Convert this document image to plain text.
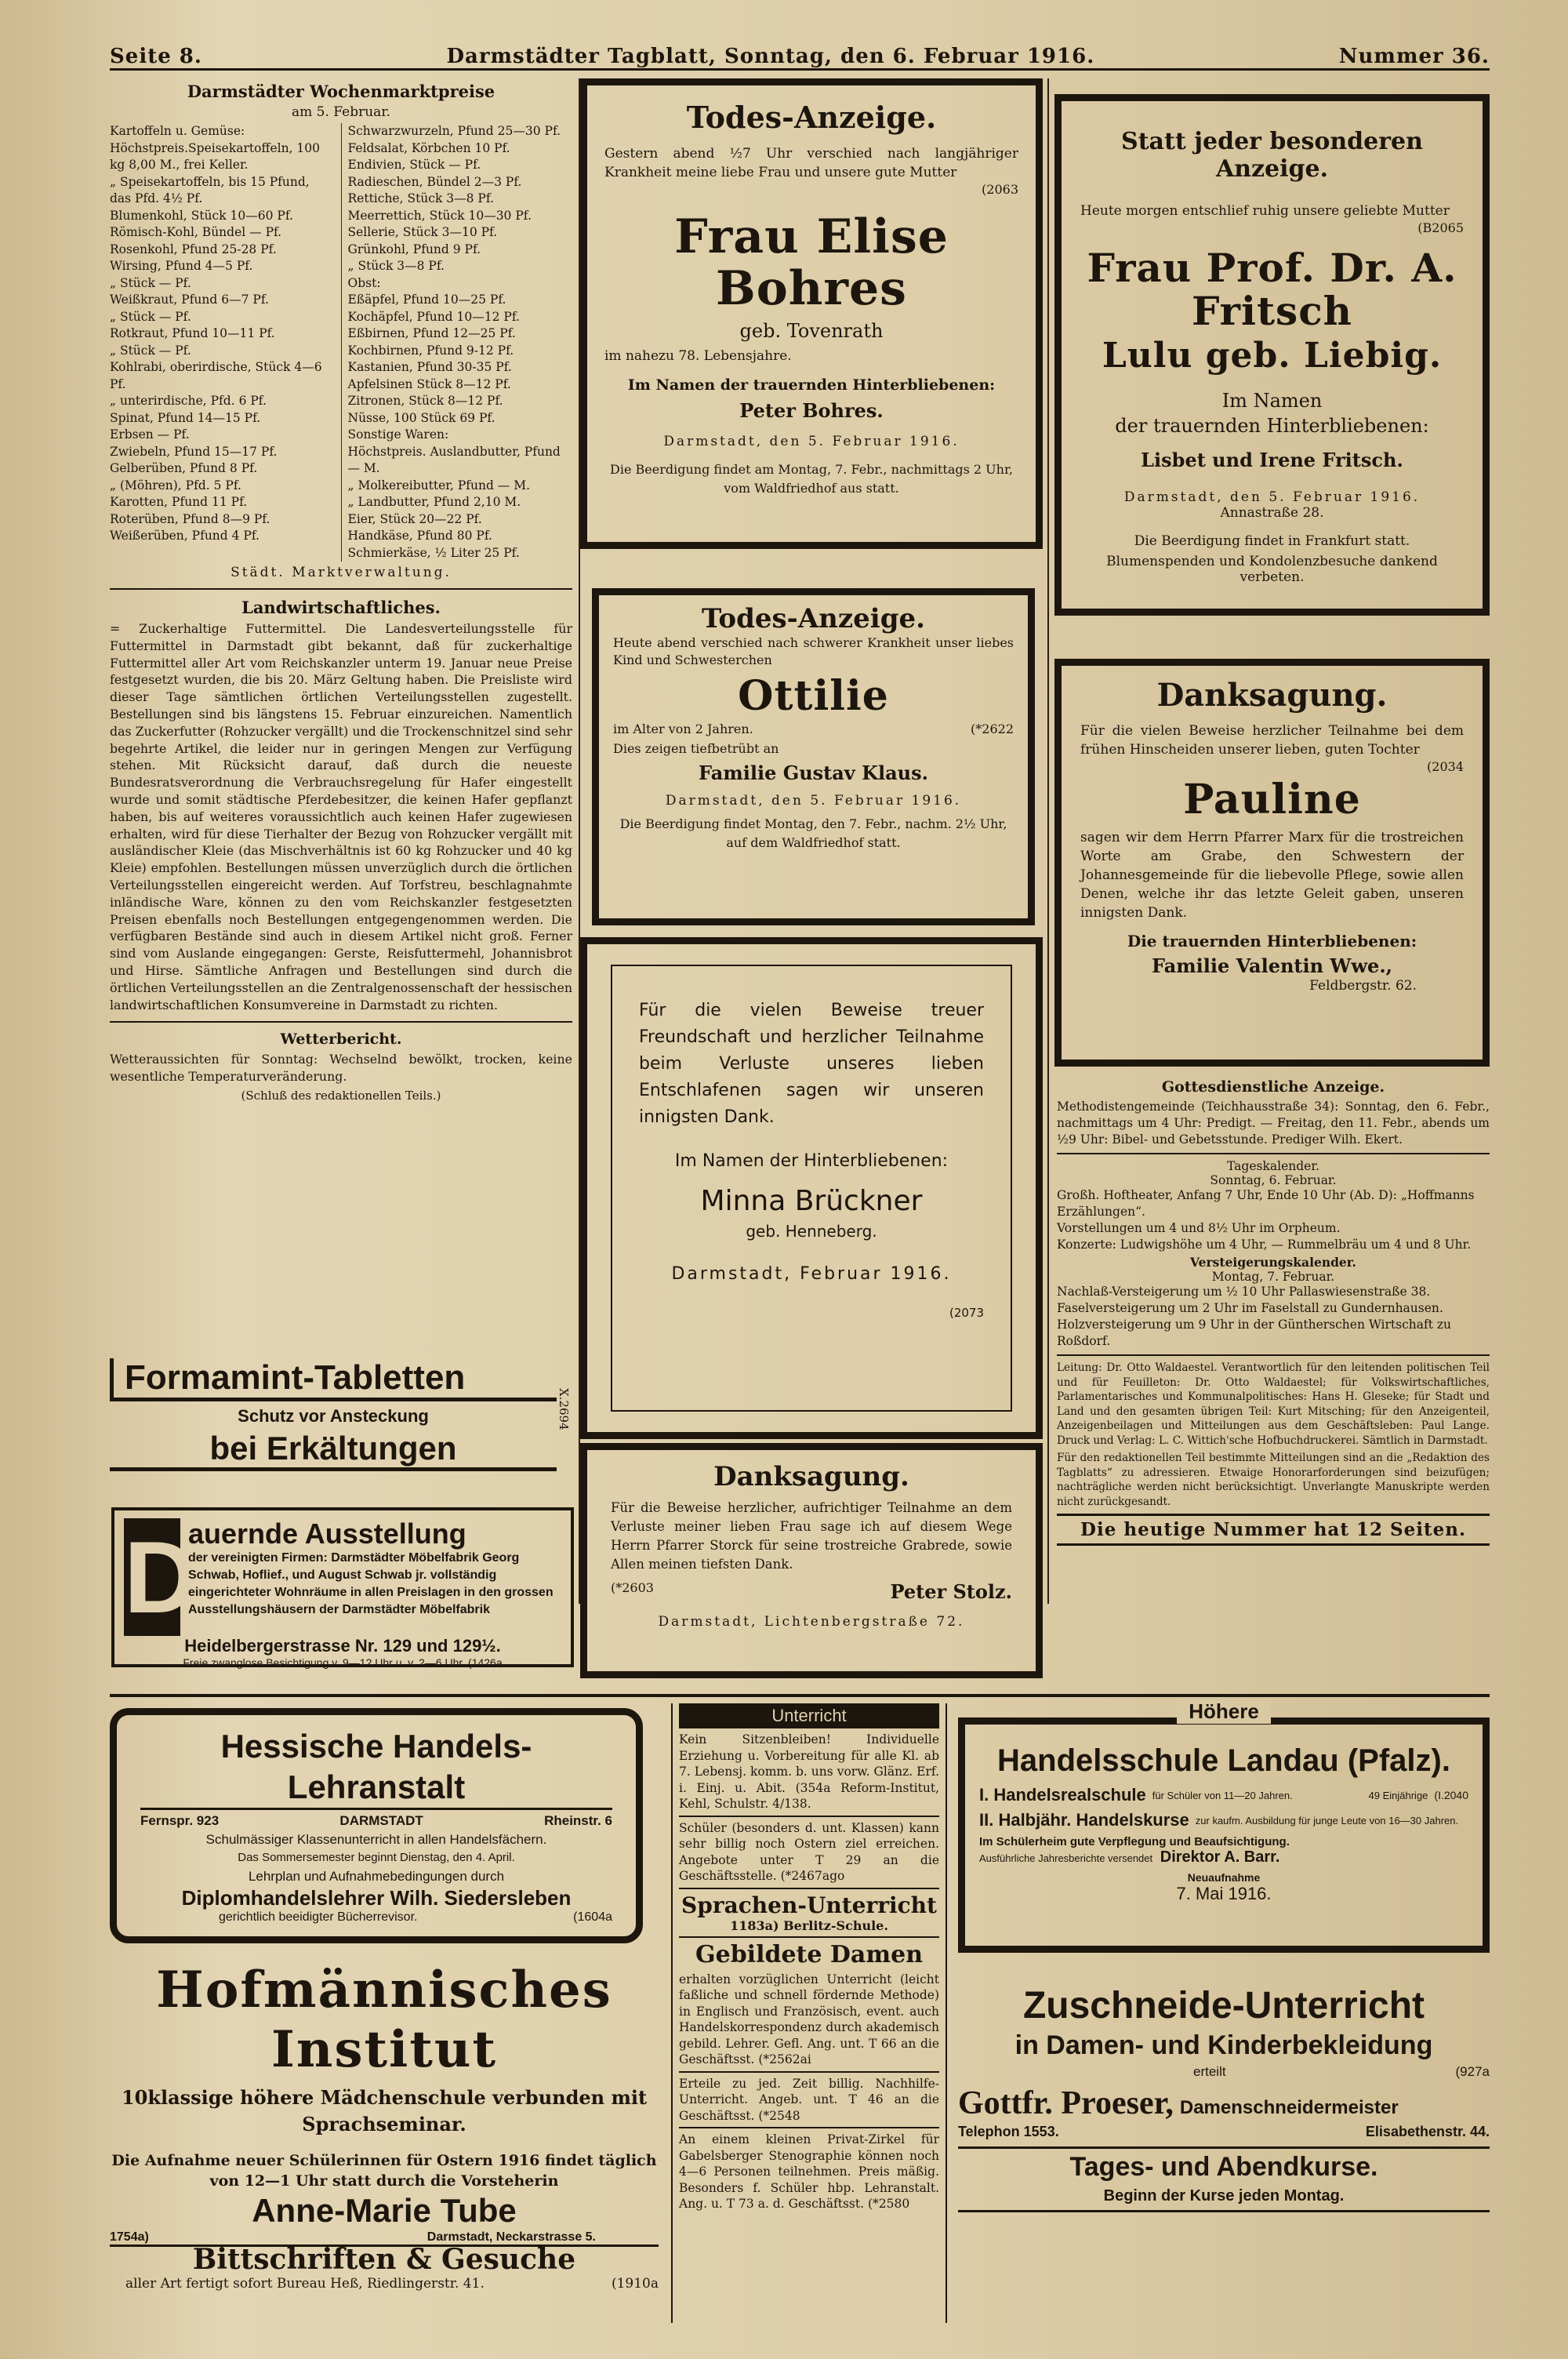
Seite 8.	Darmstädter Tagblatt, Sonntag, den 6. Februar 1916.	Nummer 36.
Darmstädter Wochenmarktpreise
am 5. Februar.
Kartoffeln u. Gemüse:
Höchstpreis.Speisekartoffeln, 100 kg 8,00 M., frei Keller.
„ Speisekartoffeln, bis 15 Pfund, das Pfd. 4½ Pf.
Blumenkohl, Stück 10—60 Pf.
Römisch-Kohl, Bündel — Pf.
Rosenkohl, Pfund 25-28 Pf.
Wirsing, Pfund 4—5 Pf.
„ Stück — Pf.
Weißkraut, Pfund 6—7 Pf.
„ Stück — Pf.
Rotkraut, Pfund 10—11 Pf.
„ Stück — Pf.
Kohlrabi, oberirdische, Stück 4—6 Pf.
„ unterirdische, Pfd. 6 Pf.
Spinat, Pfund 14—15 Pf.
Erbsen — Pf.
Zwiebeln, Pfund 15—17 Pf.
Gelberüben, Pfund 8 Pf.
„ (Möhren), Pfd. 5 Pf.
Karotten, Pfund 11 Pf.
Roterüben, Pfund 8—9 Pf.
Weißerüben, Pfund 4 Pf.
Schwarzwurzeln, Pfund 25—30 Pf.
Feldsalat, Körbchen 10 Pf.
Endivien, Stück — Pf.
Radieschen, Bündel 2—3 Pf.
Rettiche, Stück 3—8 Pf.
Meerrettich, Stück 10—30 Pf.
Sellerie, Stück 3—10 Pf.
Grünkohl, Pfund 9 Pf.
„ Stück 3—8 Pf.
Obst:
Eßäpfel, Pfund 10—25 Pf.
Kochäpfel, Pfund 10—12 Pf.
Eßbirnen, Pfund 12—25 Pf.
Kochbirnen, Pfund 9-12 Pf.
Kastanien, Pfund 30-35 Pf.
Apfelsinen Stück 8—12 Pf.
Zitronen, Stück 8—12 Pf.
Nüsse, 100 Stück 69 Pf.
Sonstige Waren:
Höchstpreis. Auslandbutter, Pfund — M.
„ Molkereibutter, Pfund — M.
„ Landbutter, Pfund 2,10 M.
Eier, Stück 20—22 Pf.
Handkäse, Pfund 80 Pf.
Schmierkäse, ½ Liter 25 Pf.
Städt. Marktverwaltung.
Landwirtschaftliches.
= Zuckerhaltige Futtermittel. Die Landesverteilungsstelle für Futtermittel in Darmstadt gibt bekannt, daß für zuckerhaltige Futtermittel aller Art vom Reichskanzler unterm 19. Januar neue Preise festgesetzt wurden, die bis 20. März Geltung haben. Die Preisliste wird dieser Tage sämtlichen örtlichen Verteilungsstellen zugestellt. Bestellungen sind bis längstens 15. Februar einzureichen. Namentlich das Zuckerfutter (Rohzucker vergällt) und die Trockenschnitzel sind sehr begehrte Artikel, die leider nur in geringen Mengen zur Verfügung stehen. Mit Rücksicht darauf, daß durch die neueste Bundesratsverordnung die Verbrauchsregelung für Hafer eingestellt wurde und somit städtische Pferdebesitzer, die keinen Hafer gepflanzt haben, bis auf weiteres voraussichtlich auch keinen Hafer zugewiesen erhalten, wird für diese Tierhalter der Bezug von Rohzucker vergällt mit ausländischer Kleie (das Mischverhältnis ist 60 kg Rohzucker und 40 kg Kleie) empfohlen. Bestellungen müssen unverzüglich durch die örtlichen Verteilungsstellen eingereicht werden. Auf Torfstreu, beschlagnahmte inländische Ware, können zu den vom Reichskanzler festgesetzten Preisen ebenfalls noch Bestellungen entgegengenommen werden. Die verfügbaren Bestände sind auch in diesem Artikel nicht groß. Ferner sind vom Auslande eingegangen: Gerste, Reisfuttermehl, Johannisbrot und Hirse. Sämtliche Anfragen und Bestellungen sind durch die örtlichen Verteilungsstellen an die Zentralgenossenschaft der hessischen landwirtschaftlichen Konsumvereine in Darmstadt zu richten.
Wetterbericht.
Wetteraussichten für Sonntag: Wechselnd bewölkt, trocken, keine wesentliche Temperaturveränderung.
(Schluß des redaktionellen Teils.)
Formamint-Tabletten
Schutz vor Ansteckung
bei Erkältungen
X.2694
D
auernde Ausstellung
der vereinigten Firmen: Darmstädter Möbelfabrik Georg Schwab, Hoflief., und August Schwab jr. vollständig eingerichteter Wohnräume in allen Preislagen in den grossen Ausstellungshäusern der Darmstädter Möbelfabrik
Heidelbergerstrasse Nr. 129 und 129½.
Freie zwanglose Besichtigung v. 9—12 Uhr u. v. 2—6 Uhr. (1426a
Todes-Anzeige.
Gestern abend ½7 Uhr verschied nach langjähriger Krankheit meine liebe Frau und unsere gute Mutter
(2063
Frau Elise Bohres
geb. Tovenrath
im nahezu 78. Lebensjahre.
Im Namen der trauernden Hinterbliebenen:
Peter Bohres.
Darmstadt, den 5. Februar 1916.
Die Beerdigung findet am Montag, 7. Febr., nachmittags 2 Uhr, vom Waldfriedhof aus statt.
Todes-Anzeige.
Heute abend verschied nach schwerer Krankheit unser liebes Kind und Schwesterchen
Ottilie
im Alter von 2 Jahren.	(*2622
Dies zeigen tiefbetrübt an
Familie Gustav Klaus.
Darmstadt, den 5. Februar 1916.
Die Beerdigung findet Montag, den 7. Febr., nachm. 2½ Uhr, auf dem Waldfriedhof statt.
Für die vielen Beweise treuer Freundschaft und herzlicher Teilnahme beim Verluste unseres lieben Entschlafenen sagen wir unseren innigsten Dank.
Im Namen der Hinterbliebenen:
Minna Brückner
geb. Henneberg.
Darmstadt, Februar 1916.
(2073
Danksagung.
Für die Beweise herzlicher, aufrichtiger Teilnahme an dem Verluste meiner lieben Frau sage ich auf diesem Wege Herrn Pfarrer Storck für seine trostreiche Grabrede, sowie Allen meinen tiefsten Dank.
(*2603	Peter Stolz.
Darmstadt, Lichtenbergstraße 72.
Statt jeder besonderen Anzeige.
Heute morgen entschlief ruhig unsere geliebte Mutter
(B2065
Frau Prof. Dr. A. Fritsch
Lulu geb. Liebig.
Im Namen
der trauernden Hinterbliebenen:
Lisbet und Irene Fritsch.
Darmstadt, den 5. Februar 1916.
Annastraße 28.
Die Beerdigung findet in Frankfurt statt.
Blumenspenden und Kondolenzbesuche dankend verbeten.
Danksagung.
Für die vielen Beweise herzlicher Teilnahme bei dem frühen Hinscheiden unserer lieben, guten Tochter
(2034
Pauline
sagen wir dem Herrn Pfarrer Marx für die trostreichen Worte am Grabe, den Schwestern der Johannesgemeinde für die liebevolle Pflege, sowie allen Denen, welche ihr das letzte Geleit gaben, unseren innigsten Dank.
Die trauernden Hinterbliebenen:
Familie Valentin Wwe.,
Feldbergstr. 62.
Gottesdienstliche Anzeige.
Methodistengemeinde (Teichhausstraße 34): Sonntag, den 6. Febr., nachmittags um 4 Uhr: Predigt. — Freitag, den 11. Febr., abends um ½9 Uhr: Bibel- und Gebetsstunde. Prediger Wilh. Ekert.
Tageskalender.
Sonntag, 6. Februar.
Großh. Hoftheater, Anfang 7 Uhr, Ende 10 Uhr (Ab. D): „Hoffmanns Erzählungen“.
Vorstellungen um 4 und 8½ Uhr im Orpheum.
Konzerte: Ludwigshöhe um 4 Uhr, — Rummelbräu um 4 und 8 Uhr.
Versteigerungskalender.
Montag, 7. Februar.
Nachlaß-Versteigerung um ½ 10 Uhr Pallaswiesenstraße 38.
Faselversteigerung um 2 Uhr im Faselstall zu Gundernhausen.
Holzversteigerung um 9 Uhr in der Güntherschen Wirtschaft zu Roßdorf.
Leitung: Dr. Otto Waldaestel. Verantwortlich für den leitenden politischen Teil und für Feuilleton: Dr. Otto Waldaestel; für Volkswirtschaftliches, Parlamentarisches und Kommunalpolitisches: Hans H. Gleseke; für Stadt und Land und den gesamten übrigen Teil: Kurt Mitsching; für den Anzeigenteil, Anzeigenbeilagen und Mitteilungen aus dem Geschäftsleben: Paul Lange. Druck und Verlag: L. C. Wittich'sche Hofbuchdruckerei. Sämtlich in Darmstadt.
Für den redaktionellen Teil bestimmte Mitteilungen sind an die „Redaktion des Tagblatts“ zu adressieren. Etwaige Honorarforderungen sind beizufügen; nachträgliche werden nicht berücksichtigt. Unverlangte Manuskripte werden nicht zurückgesandt.
Die heutige Nummer hat 12 Seiten.
Hessische Handels-Lehranstalt
Fernspr. 923	DARMSTADT	Rheinstr. 6
Schulmässiger Klassenunterricht in allen Handelsfächern.
Das Sommersemester beginnt Dienstag, den 4. April.
Lehrplan und Aufnahmebedingungen durch
Diplomhandelslehrer Wilh. Siedersleben
gerichtlich beeidigter Bücherrevisor.	(1604a
Hofmännisches Institut
10klassige höhere Mädchenschule verbunden mit Sprachseminar.
Die Aufnahme neuer Schülerinnen für Ostern 1916 findet täglich von 12—1 Uhr statt durch die Vorsteherin
Anne-Marie Tube
1754a)	Darmstadt, Neckarstrasse 5.
Bittschriften & Gesuche
aller Art fertigt sofort Bureau Heß, Riedlingerstr. 41.	(1910a
Unterricht
Kein Sitzenbleiben! Individuelle Erziehung u. Vorbereitung für alle Kl. ab 7. Lebensj. komm. b. uns vorw. Glänz. Erf. i. Einj. u. Abit. (354a Reform-Institut, Kehl, Schulstr. 4/138.
Schüler (besonders d. unt. Klassen) kann sehr billig noch Ostern ziel erreichen. Angebote unter T 29 an die Geschäftsstelle. (*2467ago
Sprachen-Unterricht
1183a) Berlitz-Schule.
Gebildete Damen
erhalten vorzüglichen Unterricht (leicht faßliche und schnell fördernde Methode) in Englisch und Französisch, event. auch Handelskorrespondenz durch akademisch gebild. Lehrer. Gefl. Ang. unt. T 66 an die Geschäftsst. (*2562ai
Erteile zu jed. Zeit billig. Nachhilfe-Unterricht. Angeb. unt. T 46 an die Geschäftsst. (*2548
An einem kleinen Privat-Zirkel für Gabelsberger Stenographie können noch 4—6 Personen teilnehmen. Preis mäßig. Besonders f. Schüler hbp. Lehranstalt. Ang. u. T 73 a. d. Geschäftsst. (*2580
Höhere
Handelsschule Landau (Pfalz).
I. Handelsrealschule für Schüler von 11—20 Jahren.	49 Einjährige (I.2040
II. Halbjähr. Handelskurse zur kaufm. Ausbildung für junge Leute von 16—30 Jahren.
Im Schülerheim gute Verpflegung und Beaufsichtigung.
Ausführliche Jahresberichte versendet Direktor A. Barr.
Neuaufnahme
7. Mai 1916.
Zuschneide-Unterricht
in Damen- und Kinderbekleidung
erteilt	(927a
Gottfr. Proeser, Damenschneidermeister
Telephon 1553.	Elisabethenstr. 44.
Tages- und Abendkurse.
Beginn der Kurse jeden Montag.
